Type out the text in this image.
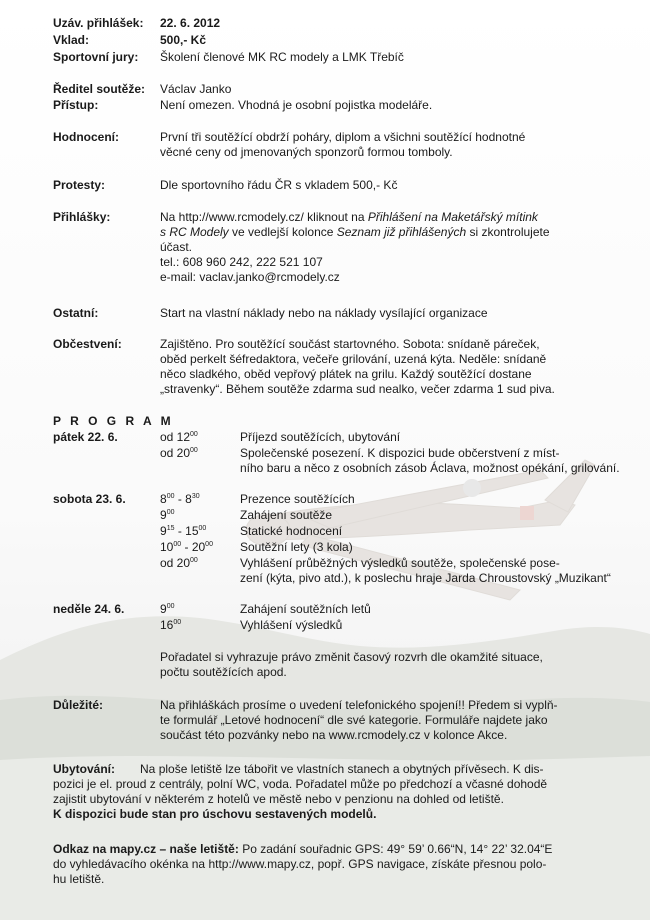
Uzáv. přihlášek: 22. 6. 2012
Vklad:	500,- Kč
Sportovní jury: Školení členové MK RC modely a LMK Třebíč
Ředitel soutěže: Václav Janko
Přístup:	Není omezen. Vhodná je osobní pojistka modeláře.
Hodnocení:	První tři soutěžící obdrží poháry, diplom a všichni soutěžící hodnotné
věcné ceny od jmenovaných sponzorů formou tomboly.
Protesty:	Dle sportovního řádu ČR s vkladem 500,- Kč
Přihlášky:	Na http://www.rcmodely.cz/ kliknout na Přihlášení na Maketářský mítink
s RC Modely ve vedlejší kolonce Seznam již přihlášených si zkontrolujete
účast.
tel.: 608 960 242, 222 521 107
e-mail: vaclav.janko@rcmodely.cz
Ostatní:	Start na vlastní náklady nebo na náklady vysílající organizace
Občestvení:	Zajištěno. Pro soutěžící součást startovného. Sobota: snídaně páreček,
oběd perkelt šéfredaktora, večeře grilování, uzená kýta. Neděle: snídaně
něco sladkého, oběd vepřový plátek na grilu. Každý soutěžící dostane
„stravenky“. Během soutěže zdarma sud nealko, večer zdarma 1 sud piva.
P R O G R A M
pátek 22. 6.	od $12^{00}$	Příjezd soutěžících, ubytování
od $20^{00}$	Společenské posezení. K dispozici bude občerstvení z míst-
ního baru a něco z osobních zásob Áclava, možnost opékání, grilování.
sobota 23. 6.	$8^{00} - 8^{30}$	Prezence soutěžících
$9^{00}$	Zahájení soutěže
$9^{15} - 15^{00}$	Statické hodnocení
$10^{00} - 20^{00}$ Soutěžní lety (3 kola)
od $20^{00}$	Vyhlášení průběžných výsledků soutěže, společenské pose-
zení (kýta, pivo atd.), k poslechu hraje Jarda Chroustovský „Muzikant“
neděle 24. 6.	$9^{00}$	Zahájení soutěžních letů
$16^{00}$	Vyhlášení výsledků
Pořadatel si vyhrazuje právo změnit časový rozvrh dle okamžité situace,
počtu soutěžících apod.
Důležité:	Na přihláškách prosíme o uvedení telefonického spojení!! Předem si vyplň-
te formulář „Letové hodnocení“ dle své kategorie. Formuláře najdete jako
součást této pozvánky nebo na www.rcmodely.cz v kolonce Akce.
Ubytování: Na ploše letiště lze tábořit ve vlastních stanech a obytných přívěsech. K dis-
pozici je el. proud z centrály, polní WC, voda. Pořadatel může po předchozí a včasné dohodě
zajistit ubytování v některém z hotelů ve městě nebo v penzionu na dohled od letiště.
K dispozici bude stan pro úschovu sestavených modelů.
Odkaz na mapy.cz – naše letiště: Po zadání souřadnic GPS: 49° 59’ 0.66“N, 14° 22’ 32.04“E
do vyhledávacího okénka na http://www.mapy.cz, popř. GPS navigace, získáte přesnou polo-
hu letiště.
